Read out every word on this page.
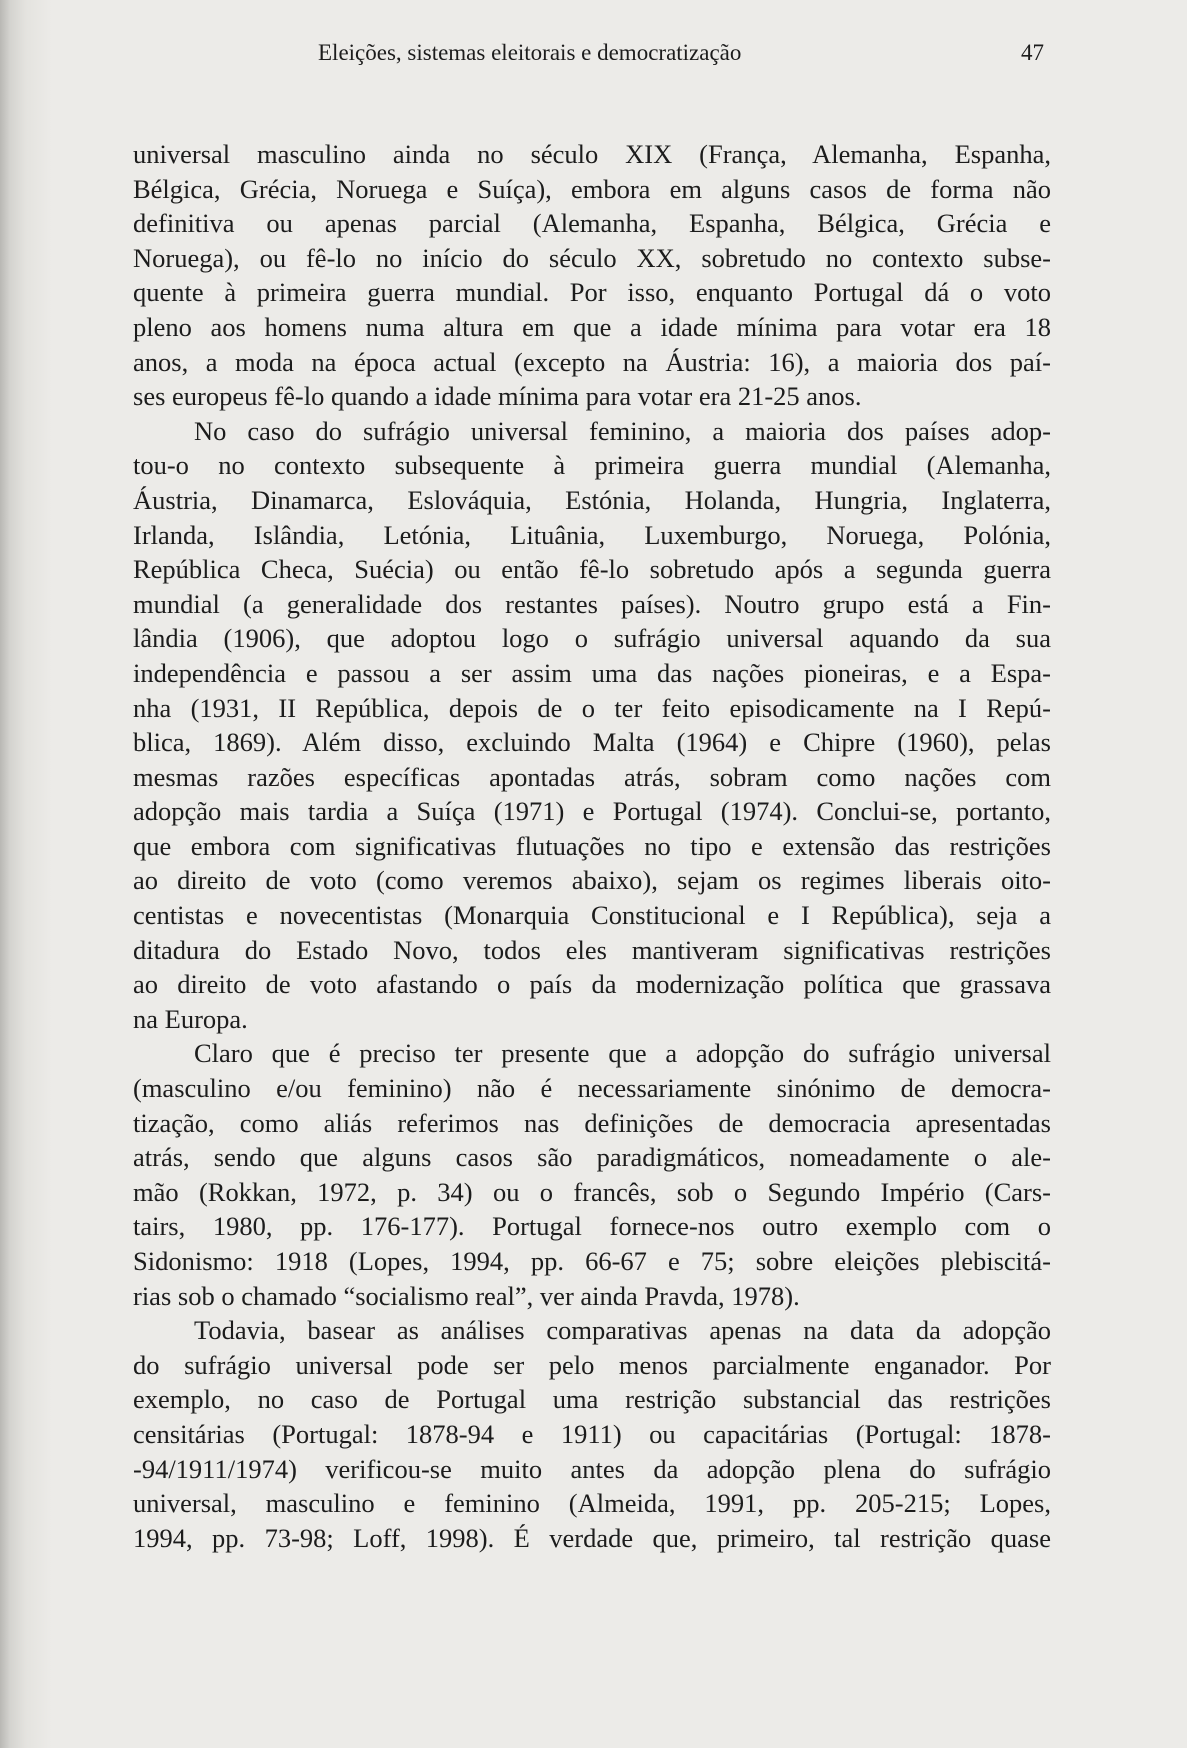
Eleições, sistemas eleitorais e democratização	47
universal masculino ainda no século XIX (França, Alemanha, Espanha,
Bélgica, Grécia, Noruega e Suíça), embora em alguns casos de forma não
definitiva ou apenas parcial (Alemanha, Espanha, Bélgica, Grécia e
Noruega), ou fê-lo no início do século XX, sobretudo no contexto subse-
quente à primeira guerra mundial. Por isso, enquanto Portugal dá o voto
pleno aos homens numa altura em que a idade mínima para votar era 18
anos, a moda na época actual (excepto na Áustria: 16), a maioria dos paí-
ses europeus fê-lo quando a idade mínima para votar era 21-25 anos.
No caso do sufrágio universal feminino, a maioria dos países adop-
tou-o no contexto subsequente à primeira guerra mundial (Alemanha,
Áustria, Dinamarca, Eslováquia, Estónia, Holanda, Hungria, Inglaterra,
Irlanda, Islândia, Letónia, Lituânia, Luxemburgo, Noruega, Polónia,
República Checa, Suécia) ou então fê-lo sobretudo após a segunda guerra
mundial (a generalidade dos restantes países). Noutro grupo está a Fin-
lândia (1906), que adoptou logo o sufrágio universal aquando da sua
independência e passou a ser assim uma das nações pioneiras, e a Espa-
nha (1931, II República, depois de o ter feito episodicamente na I Repú-
blica, 1869). Além disso, excluindo Malta (1964) e Chipre (1960), pelas
mesmas razões específicas apontadas atrás, sobram como nações com
adopção mais tardia a Suíça (1971) e Portugal (1974). Conclui-se, portanto,
que embora com significativas flutuações no tipo e extensão das restrições
ao direito de voto (como veremos abaixo), sejam os regimes liberais oito-
centistas e novecentistas (Monarquia Constitucional e I República), seja a
ditadura do Estado Novo, todos eles mantiveram significativas restrições
ao direito de voto afastando o país da modernização política que grassava
na Europa.
Claro que é preciso ter presente que a adopção do sufrágio universal
(masculino e/ou feminino) não é necessariamente sinónimo de democra-
tização, como aliás referimos nas definições de democracia apresentadas
atrás, sendo que alguns casos são paradigmáticos, nomeadamente o ale-
mão (Rokkan, 1972, p. 34) ou o francês, sob o Segundo Império (Cars-
tairs, 1980, pp. 176-177). Portugal fornece-nos outro exemplo com o
Sidonismo: 1918 (Lopes, 1994, pp. 66-67 e 75; sobre eleições plebiscitá-
rias sob o chamado “socialismo real”, ver ainda Pravda, 1978).
Todavia, basear as análises comparativas apenas na data da adopção
do sufrágio universal pode ser pelo menos parcialmente enganador. Por
exemplo, no caso de Portugal uma restrição substancial das restrições
censitárias (Portugal: 1878-94 e 1911) ou capacitárias (Portugal: 1878-
-94/1911/1974) verificou-se muito antes da adopção plena do sufrágio
universal, masculino e feminino (Almeida, 1991, pp. 205-215; Lopes,
1994, pp. 73-98; Loff, 1998). É verdade que, primeiro, tal restrição quase
